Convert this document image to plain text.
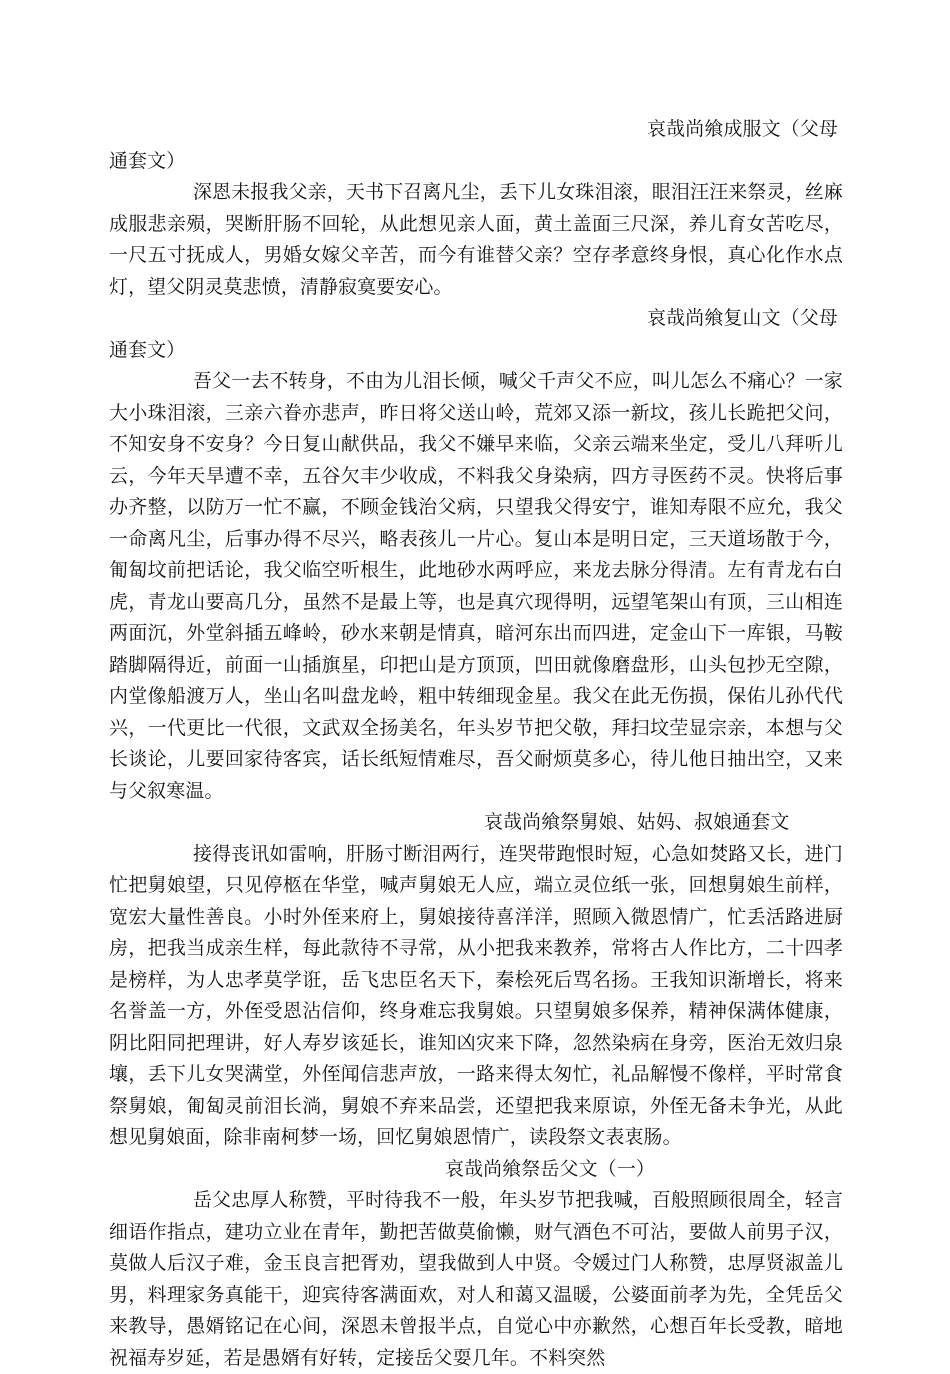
哀哉尚飨成服文（父母
通套文）

深恩未报我父亲，天书下召离凡尘，丢下儿女珠泪滚，眼泪汪汪来祭灵，丝麻成服悲亲殒，哭断肝肠不回轮，从此想见亲人面，黄土盖面三尺深，养儿育女苦吃尽，一尺五寸抚成人，男婚女嫁父辛苦，而今有谁替父亲？空存孝意终身恨，真心化作水点灯，望父阴灵莫悲愤，清静寂寞要安心。

哀哉尚飨复山文（父母
通套文）

吾父一去不转身，不由为儿泪长倾，喊父千声父不应，叫儿怎么不痛心？一家大小珠泪滚，三亲六眷亦悲声，昨日将父送山岭，荒郊又添一新坟，孩儿长跪把父问，不知安身不安身？今日复山献供品，我父不嫌早来临，父亲云端来坐定，受儿八拜听儿云，今年天旱遭不幸，五谷欠丰少收成，不料我父身染病，四方寻医药不灵。快将后事办齐整，以防万一忙不赢，不顾金钱治父病，只望我父得安宁，谁知寿限不应允，我父一命离凡尘，后事办得不尽兴，略表孩儿一片心。复山本是明日定，三天道场散于今，匍匐坟前把话论，我父临空听根生，此地砂水两呼应，来龙去脉分得清。左有青龙右白虎，青龙山要高几分，虽然不是最上等，也是真穴现得明，远望笔架山有顶，三山相连两面沉，外堂斜插五峰岭，砂水来朝是情真，暗河东出而四进，定金山下一库银，马鞍踏脚隔得近，前面一山插旗星，印把山是方顶顶，凹田就像磨盘形，山头包抄无空隙，内堂像船渡万人，坐山名叫盘龙岭，粗中转细现金星。我父在此无伤损，保佑儿孙代代兴，一代更比一代很，文武双全扬美名，年头岁节把父敬，拜扫坟茔显宗亲，本想与父长谈论，儿要回家待客宾，话长纸短情难尽，吾父耐烦莫多心，待儿他日抽出空，又来与父叙寒温。

哀哉尚飨祭舅娘、姑妈、叔娘通套文

接得丧讯如雷响，肝肠寸断泪两行，连哭带跑恨时短，心急如焚路又长，进门忙把舅娘望，只见停柩在华堂，喊声舅娘无人应，端立灵位纸一张，回想舅娘生前样，宽宏大量性善良。小时外侄来府上，舅娘接待喜洋洋，照顾入微恩情广，忙丢活路进厨房，把我当成亲生样，每此款待不寻常，从小把我来教养，常将古人作比方，二十四孝是榜样，为人忠孝莫学诳，岳飞忠臣名天下，秦桧死后骂名扬。王我知识渐增长，将来名誉盖一方，外侄受恩沾信仰，终身难忘我舅娘。只望舅娘多保养，精神保满体健康，阴比阳同把理讲，好人寿岁该延长，谁知凶灾来下降，忽然染病在身旁，医治无效归泉壤，丢下儿女哭满堂，外侄闻信悲声放，一路来得太匆忙，礼品解慢不像样，平时常食祭舅娘，匍匐灵前泪长淌，舅娘不弃来品尝，还望把我来原谅，外侄无备未争光，从此想见舅娘面，除非南柯梦一场，回忆舅娘恩情广，读段祭文表衷肠。

哀哉尚飨祭岳父文（一）

岳父忠厚人称赞，平时待我不一般，年头岁节把我喊，百般照顾很周全，轻言细语作指点，建功立业在青年，勤把苦做莫偷懒，财气酒色不可沾，要做人前男子汉，莫做人后汉子难，金玉良言把胥劝，望我做到人中贤。令媛过门人称赞，忠厚贤淑盖儿男，料理家务真能干，迎宾待客满面欢，对人和蔼又温暖，公婆面前孝为先，全凭岳父来教导，愚婿铭记在心间，深恩未曾报半点，自觉心中亦歉然，心想百年长受教，暗地祝福寿岁延，若是愚婿有好转，定接岳父耍几年。不料突然
